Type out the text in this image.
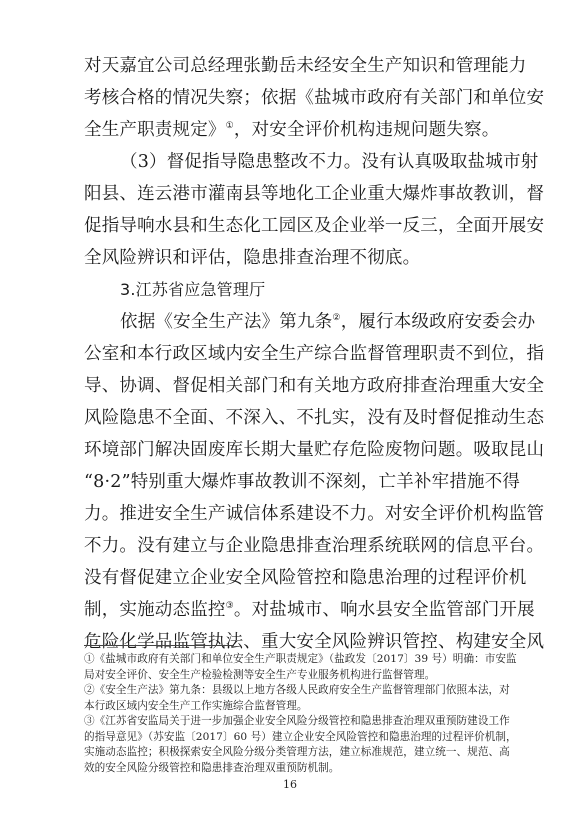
对天嘉宜公司总经理张勤岳未经安全生产知识和管理能力
考核合格的情况失察；依据《盐城市政府有关部门和单位安
全生产职责规定》①，对安全评价机构违规问题失察。
（3）督促指导隐患整改不力。没有认真吸取盐城市射
阳县、连云港市灌南县等地化工企业重大爆炸事故教训，督
促指导响水县和生态化工园区及企业举一反三，全面开展安
全风险辨识和评估，隐患排查治理不彻底。
3.江苏省应急管理厅
依据《安全生产法》第九条②，履行本级政府安委会办
公室和本行政区域内安全生产综合监督管理职责不到位，指
导、协调、督促相关部门和有关地方政府排查治理重大安全
风险隐患不全面、不深入、不扎实，没有及时督促推动生态
环境部门解决固废库长期大量贮存危险废物问题。吸取昆山
“8·2”特别重大爆炸事故教训不深刻，亡羊补牢措施不得
力。推进安全生产诚信体系建设不力。对安全评价机构监管
不力。没有建立与企业隐患排查治理系统联网的信息平台。
没有督促建立企业安全风险管控和隐患治理的过程评价机
制，实施动态监控③。对盐城市、响水县安全监管部门开展
危险化学品监管执法、重大安全风险辨识管控、构建安全风
①《盐城市政府有关部门和单位安全生产职责规定》（盐政发〔2017〕39 号）明确：市安监
局对安全评价、安全生产检验检测等安全生产专业服务机构进行监督管理。
②《安全生产法》第九条：县级以上地方各级人民政府安全生产监督管理部门依照本法，对
本行政区域内安全生产工作实施综合监督管理。
③《江苏省安监局关于进一步加强企业安全风险分级管控和隐患排查治理双重预防建设工作
的指导意见》（苏安监〔2017〕60 号）建立企业安全风险管控和隐患治理的过程评价机制，
实施动态监控；积极探索安全风险分级分类管理方法，建立标准规范，建立统一、规范、高
效的安全风险分级管控和隐患排查治理双重预防机制。
16
